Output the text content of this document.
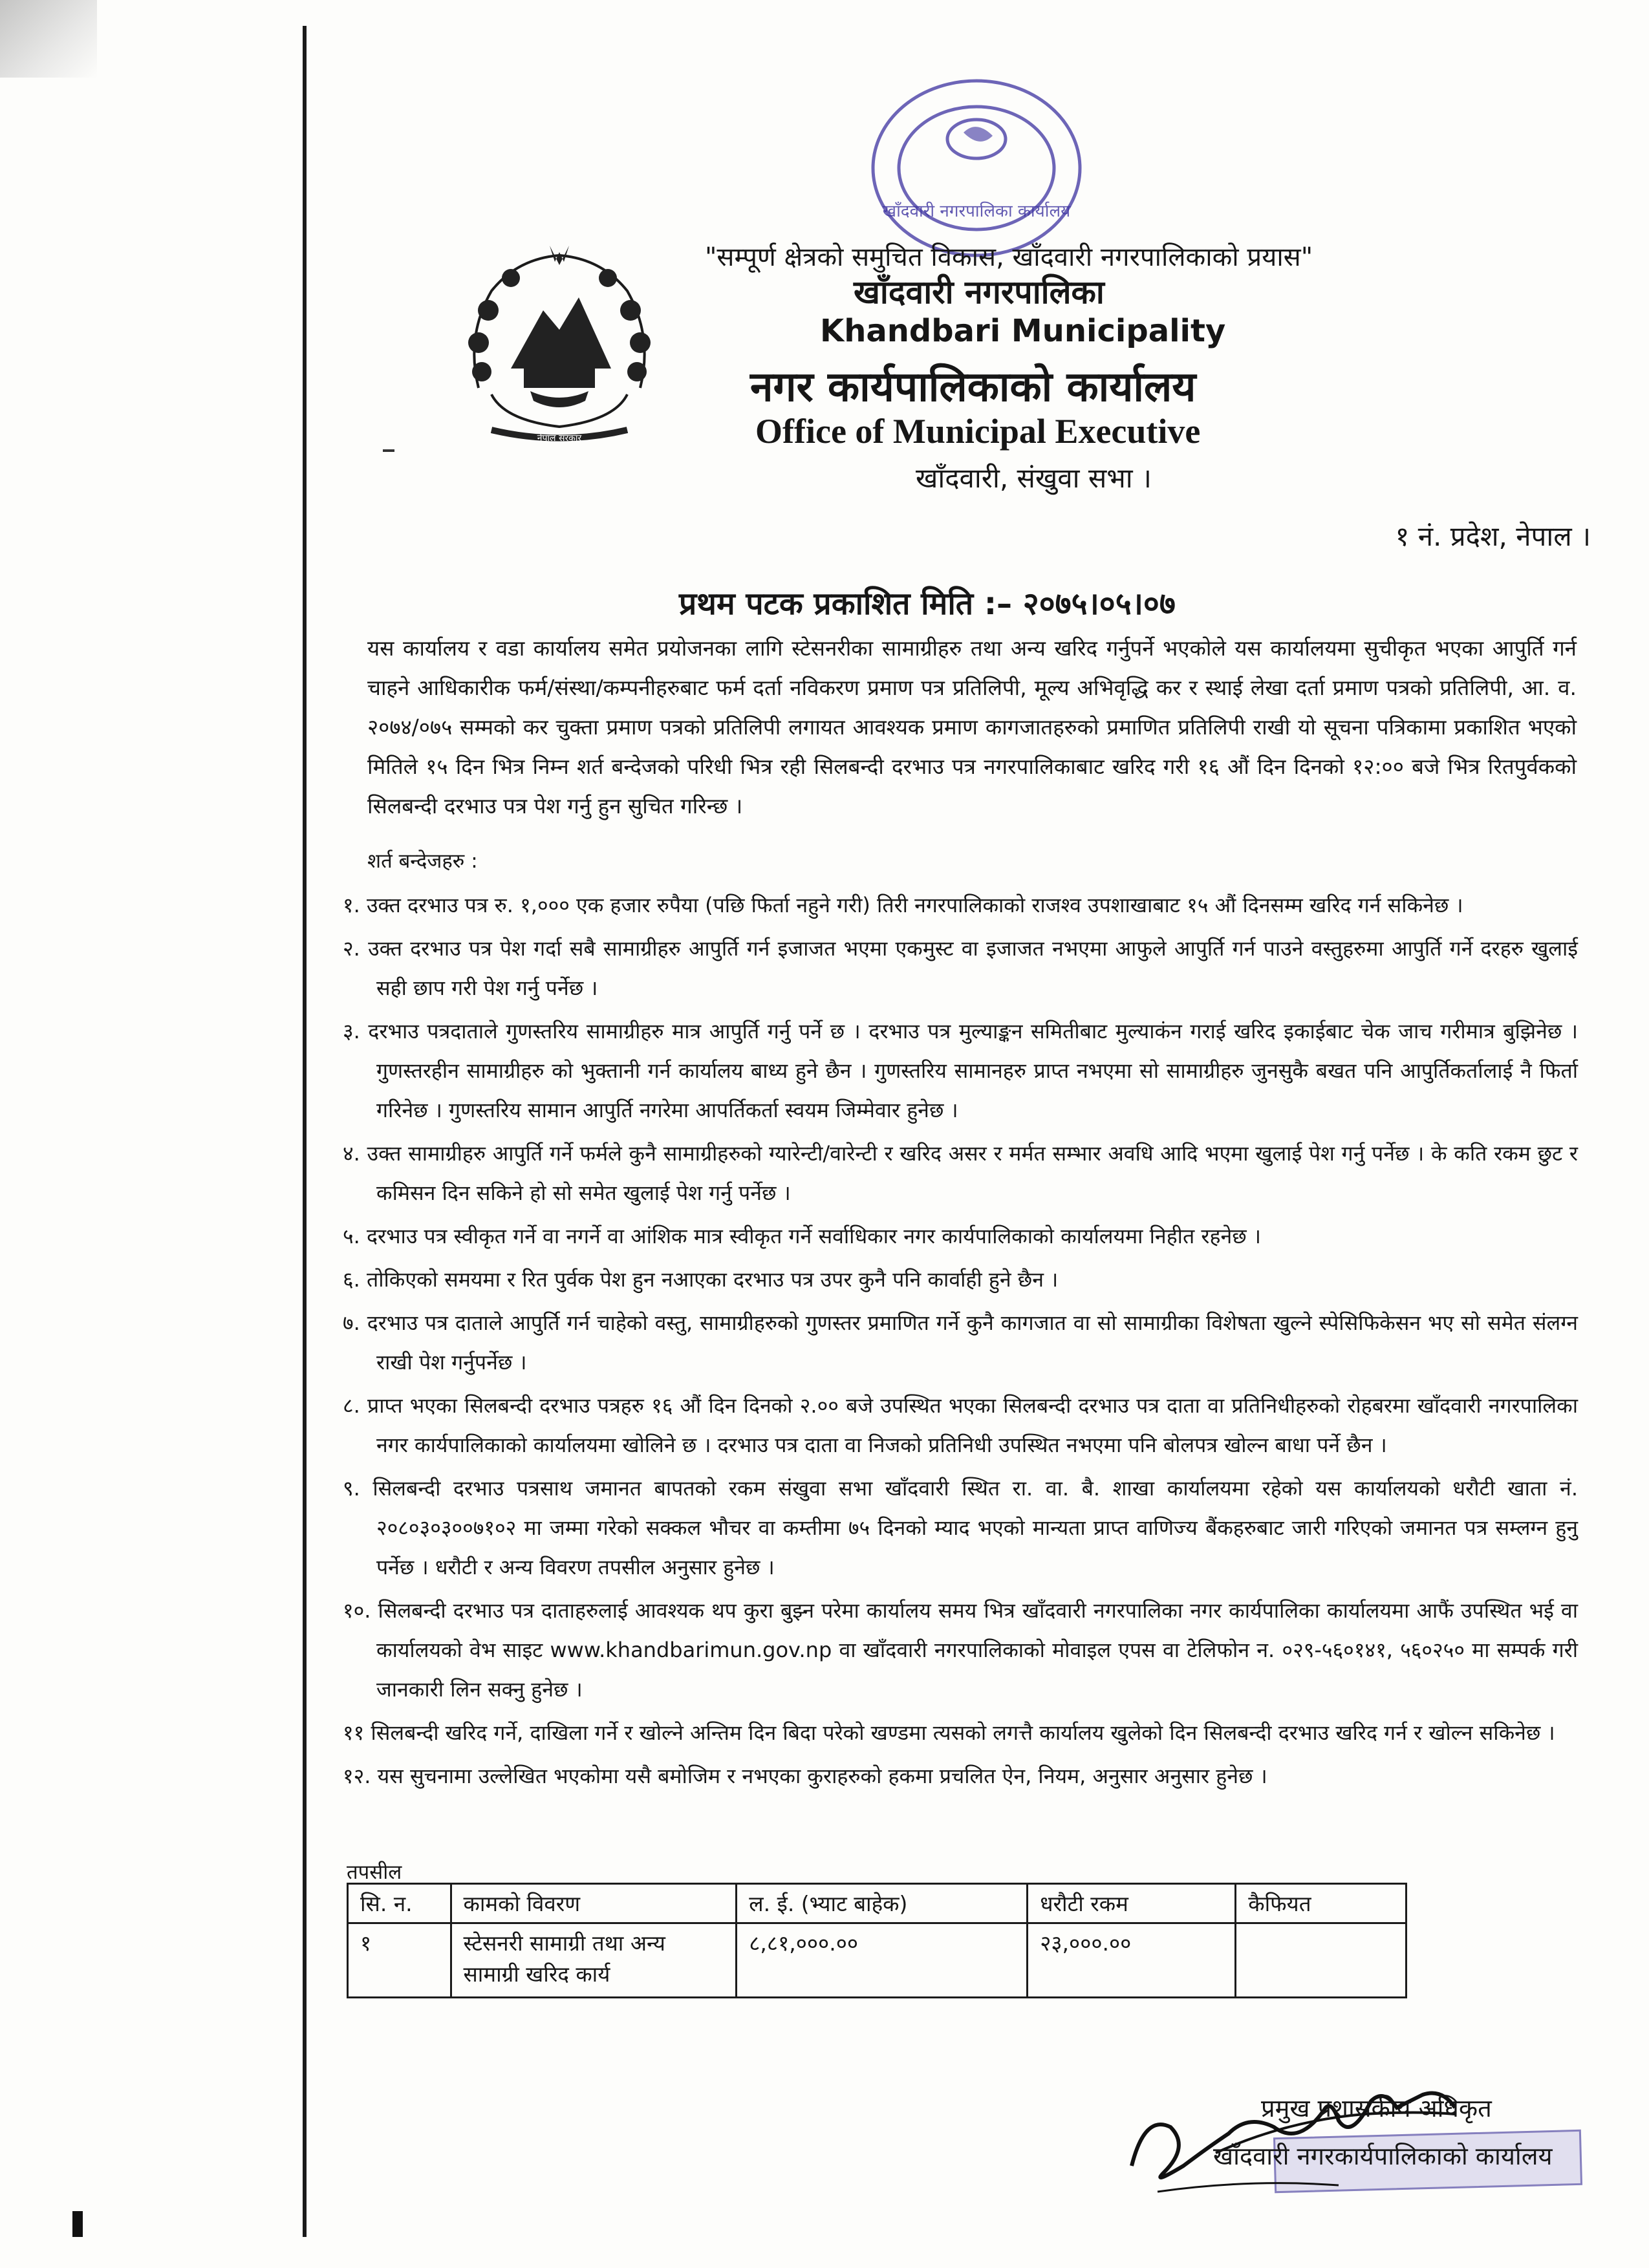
नेपाल सरकार
खाँदवारी नगरपालिका कार्यालय
"सम्पूर्ण क्षेत्रको समुचित विकास, खाँदवारी नगरपालिकाको प्रयास"
खाँदवारी नगरपालिका
Khandbari Municipality
नगर कार्यपालिकाको कार्यालय
Office of Municipal Executive
खाँदवारी, संखुवा सभा ।
१ नं. प्रदेश, नेपाल ।
प्रथम पटक प्रकाशित मिति :– २०७५।०५।०७
यस कार्यालय र वडा कार्यालय समेत प्रयोजनका लागि स्टेसनरीका सामाग्रीहरु तथा अन्य खरिद गर्नुपर्ने भएकोले यस कार्यालयमा सुचीकृत भएका आपुर्ति गर्न चाहने आधिकारीक फर्म/संस्था/कम्पनीहरुबाट फर्म दर्ता नविकरण प्रमाण पत्र प्रतिलिपी, मूल्य अभिवृद्धि कर र स्थाई लेखा दर्ता प्रमाण पत्रको प्रतिलिपी, आ. व. २०७४/०७५ सम्मको कर चुक्ता प्रमाण पत्रको प्रतिलिपी लगायत आवश्यक प्रमाण कागजातहरुको प्रमाणित प्रतिलिपी राखी यो सूचना पत्रिकामा प्रकाशित भएको मितिले १५ दिन भित्र निम्न शर्त बन्देजको परिधी भित्र रही सिलबन्दी दरभाउ पत्र नगरपालिकाबाट खरिद गरी १६ औं दिन दिनको १२:०० बजे भित्र रितपुर्वकको सिलबन्दी दरभाउ पत्र पेश गर्नु हुन सुचित गरिन्छ ।
शर्त बन्देजहरु :
१. उक्त दरभाउ पत्र रु. १,००० एक हजार रुपैया (पछि फिर्ता नहुने गरी) तिरी नगरपालिकाको राजश्व उपशाखाबाट १५ औं दिनसम्म खरिद गर्न सकिनेछ ।
२. उक्त दरभाउ पत्र पेश गर्दा सबै सामाग्रीहरु आपुर्ति गर्न इजाजत भएमा एकमुस्ट वा इजाजत नभएमा आफुले आपुर्ति गर्न पाउने वस्तुहरुमा आपुर्ति गर्ने दरहरु खुलाई सही छाप गरी पेश गर्नु पर्नेछ ।
३. दरभाउ पत्रदाताले गुणस्तरिय सामाग्रीहरु मात्र आपुर्ति गर्नु पर्ने छ । दरभाउ पत्र मुल्याङ्कन समितीबाट मुल्याकंन गराई खरिद इकाईबाट चेक जाच गरीमात्र बुझिनेछ । गुणस्तरहीन सामाग्रीहरु को भुक्तानी गर्न कार्यालय बाध्य हुने छैन । गुणस्तरिय सामानहरु प्राप्त नभएमा सो सामाग्रीहरु जुनसुकै बखत पनि आपुर्तिकर्तालाई नै फिर्ता गरिनेछ । गुणस्तरिय सामान आपुर्ति नगरेमा आपर्तिकर्ता स्वयम जिम्मेवार हुनेछ ।
४. उक्त सामाग्रीहरु आपुर्ति गर्ने फर्मले कुनै सामाग्रीहरुको ग्यारेन्टी/वारेन्टी र खरिद असर र मर्मत सम्भार अवधि आदि भएमा खुलाई पेश गर्नु पर्नेछ । के कति रकम छुट र कमिसन दिन सकिने हो सो समेत खुलाई पेश गर्नु पर्नेछ ।
५. दरभाउ पत्र स्वीकृत गर्ने वा नगर्ने वा आंशिक मात्र स्वीकृत गर्ने सर्वाधिकार नगर कार्यपालिकाको कार्यालयमा निहीत रहनेछ ।
६. तोकिएको समयमा र रित पुर्वक पेश हुन नआएका दरभाउ पत्र उपर कुनै पनि कार्वाही हुने छैन ।
७. दरभाउ पत्र दाताले आपुर्ति गर्न चाहेको वस्तु, सामाग्रीहरुको गुणस्तर प्रमाणित गर्ने कुनै कागजात वा सो सामाग्रीका विशेषता खुल्ने स्पेसिफिकेसन भए सो समेत संलग्न राखी पेश गर्नुपर्नेछ ।
८. प्राप्त भएका सिलबन्दी दरभाउ पत्रहरु १६ औं दिन दिनको २.०० बजे उपस्थित भएका सिलबन्दी दरभाउ पत्र दाता वा प्रतिनिधीहरुको रोहबरमा खाँदवारी नगरपालिका नगर कार्यपालिकाको कार्यालयमा खोलिने छ । दरभाउ पत्र दाता वा निजको प्रतिनिधी उपस्थित नभएमा पनि बोलपत्र खोल्न बाधा पर्ने छैन ।
९. सिलबन्दी दरभाउ पत्रसाथ जमानत बापतको रकम संखुवा सभा खाँदवारी स्थित रा. वा. बै. शाखा कार्यालयमा रहेको यस कार्यालयको धरौटी खाता नं. २०८०३०३००७१०२ मा जम्मा गरेको सक्कल भौचर वा कम्तीमा ७५ दिनको म्याद भएको मान्यता प्राप्त वाणिज्य बैंकहरुबाट जारी गरिएको जमानत पत्र सम्लग्न हुनु पर्नेछ । धरौटी र अन्य विवरण तपसील अनुसार हुनेछ ।
१०. सिलबन्दी दरभाउ पत्र दाताहरुलाई आवश्यक थप कुरा बुझ्न परेमा कार्यालय समय भित्र खाँदवारी नगरपालिका नगर कार्यपालिका कार्यालयमा आफैं उपस्थित भई वा कार्यालयको वेभ साइट www.khandbarimun.gov.np वा खाँदवारी नगरपालिकाको मोवाइल एपस वा टेलिफोन न. ०२९-५६०१४१, ५६०२५० मा सम्पर्क गरी जानकारी लिन सक्नु हुनेछ ।
११ सिलबन्दी खरिद गर्ने, दाखिला गर्ने र खोल्ने अन्तिम दिन बिदा परेको खण्डमा त्यसको लगत्तै कार्यालय खुलेको दिन सिलबन्दी दरभाउ खरिद गर्न र खोल्न सकिनेछ ।
१२. यस सुचनामा उल्लेखित भएकोमा यसै बमोजिम र नभएका कुराहरुको हकमा प्रचलित ऐन, नियम, अनुसार अनुसार हुनेछ ।
तपसील
सि. न.	कामको विवरण	ल. ई. (भ्याट बाहेक)	धरौटी रकम	कैफियत
१	स्टेसनरी सामाग्री तथा अन्य सामाग्री खरिद कार्य	८,८१,०००.००	२३,०००.००	
प्रमुख प्रशासकीय अधिकृत
खाँदवारी नगरकार्यपालिकाको कार्यालय
